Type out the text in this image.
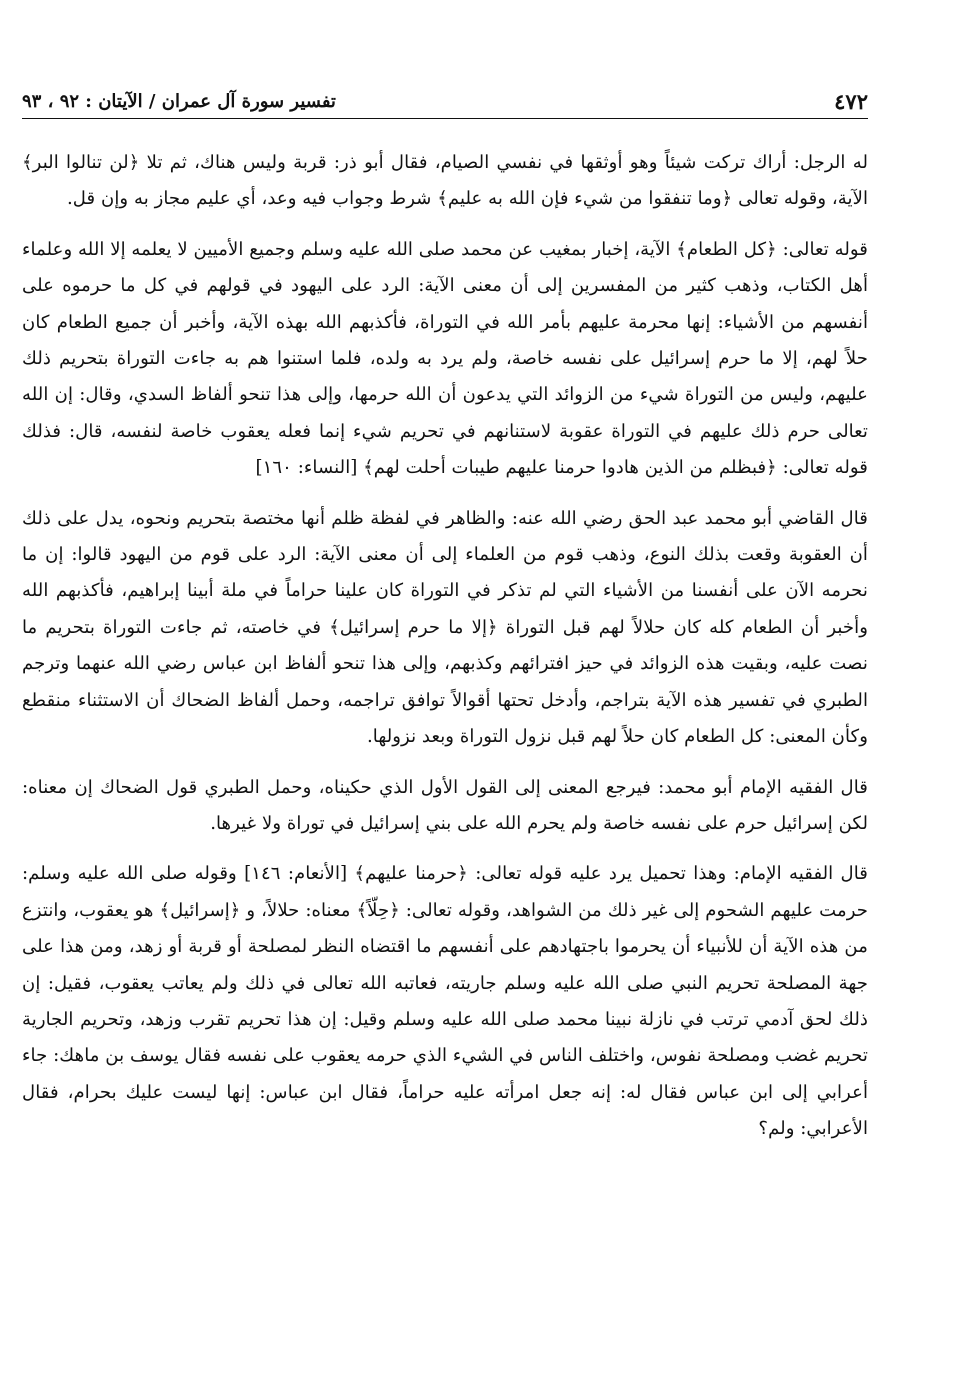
٤٧٢
تفسير سورة آل عمران / الآيتان : ٩٢ ، ٩٣

له الرجل: أراك تركت شيئاً وهو أوثقها في نفسي الصيام، فقال أبو ذر: قربة وليس هناك، ثم تلا ﴿لن تنالوا البر﴾ الآية، وقوله تعالى ﴿وما تنفقوا من شيء فإن الله به عليم﴾ شرط وجواب فيه وعد، أي عليم مجاز به وإن قل.

قوله تعالى: ﴿كل الطعام﴾ الآية، إخبار بمغيب عن محمد صلى الله عليه وسلم وجميع الأميين لا يعلمه إلا الله وعلماء أهل الكتاب، وذهب كثير من المفسرين إلى أن معنى الآية: الرد على اليهود في قولهم في كل ما حرموه على أنفسهم من الأشياء: إنها محرمة عليهم بأمر الله في التوراة، فأكذبهم الله بهذه الآية، وأخبر أن جميع الطعام كان حلاً لهم، إلا ما حرم إسرائيل على نفسه خاصة، ولم يرد به ولده، فلما استنوا هم به جاءت التوراة بتحريم ذلك عليهم، وليس من التوراة شيء من الزوائد التي يدعون أن الله حرمها، وإلى هذا تنحو ألفاظ السدي، وقال: إن الله تعالى حرم ذلك عليهم في التوراة عقوبة لاستنانهم في تحريم شيء إنما فعله يعقوب خاصة لنفسه، قال: فذلك قوله تعالى: ﴿فبظلم من الذين هادوا حرمنا عليهم طيبات أحلت لهم﴾ [النساء: ١٦٠]

قال القاضي أبو محمد عبد الحق رضي الله عنه: والظاهر في لفظة ظلم أنها مختصة بتحريم ونحوه، يدل على ذلك أن العقوبة وقعت بذلك النوع، وذهب قوم من العلماء إلى أن معنى الآية: الرد على قوم من اليهود قالوا: إن ما نحرمه الآن على أنفسنا من الأشياء التي لم تذكر في التوراة كان علينا حراماً في ملة أبينا إبراهيم، فأكذبهم الله وأخبر أن الطعام كله كان حلالاً لهم قبل التوراة ﴿إلا ما حرم إسرائيل﴾ في خاصته، ثم جاءت التوراة بتحريم ما نصت عليه، وبقيت هذه الزوائد في حيز افترائهم وكذبهم، وإلى هذا تنحو ألفاظ ابن عباس رضي الله عنهما وترجم الطبري في تفسير هذه الآية بتراجم، وأدخل تحتها أقوالاً توافق تراجمه، وحمل ألفاظ الضحاك أن الاستثناء منقطع وكأن المعنى: كل الطعام كان حلاً لهم قبل نزول التوراة وبعد نزولها.

قال الفقيه الإمام أبو محمد: فيرجع المعنى إلى القول الأول الذي حكيناه، وحمل الطبري قول الضحاك إن معناه: لكن إسرائيل حرم على نفسه خاصة ولم يحرم الله على بني إسرائيل في توراة ولا غيرها.

قال الفقيه الإمام: وهذا تحميل يرد عليه قوله تعالى: ﴿حرمنا عليهم﴾ [الأنعام: ١٤٦] وقوله صلى الله عليه وسلم: حرمت عليهم الشحوم إلى غير ذلك من الشواهد، وقوله تعالى: ﴿حِلّاً﴾ معناه: حلالاً، و ﴿إسرائيل﴾ هو يعقوب، وانتزع من هذه الآية أن للأنبياء أن يحرموا باجتهادهم على أنفسهم ما اقتضاه النظر لمصلحة أو قربة أو زهد، ومن هذا على جهة المصلحة تحريم النبي صلى الله عليه وسلم جاريته، فعاتبه الله تعالى في ذلك ولم يعاتب يعقوب، فقيل: إن ذلك لحق آدمي ترتب في نازلة نبينا محمد صلى الله عليه وسلم وقيل: إن هذا تحريم تقرب وزهد، وتحريم الجارية تحريم غضب ومصلحة نفوس، واختلف الناس في الشيء الذي حرمه يعقوب على نفسه فقال يوسف بن ماهك: جاء أعرابي إلى ابن عباس فقال له: إنه جعل امرأته عليه حراماً، فقال ابن عباس: إنها ليست عليك بحرام، فقال الأعرابي: ولم؟
